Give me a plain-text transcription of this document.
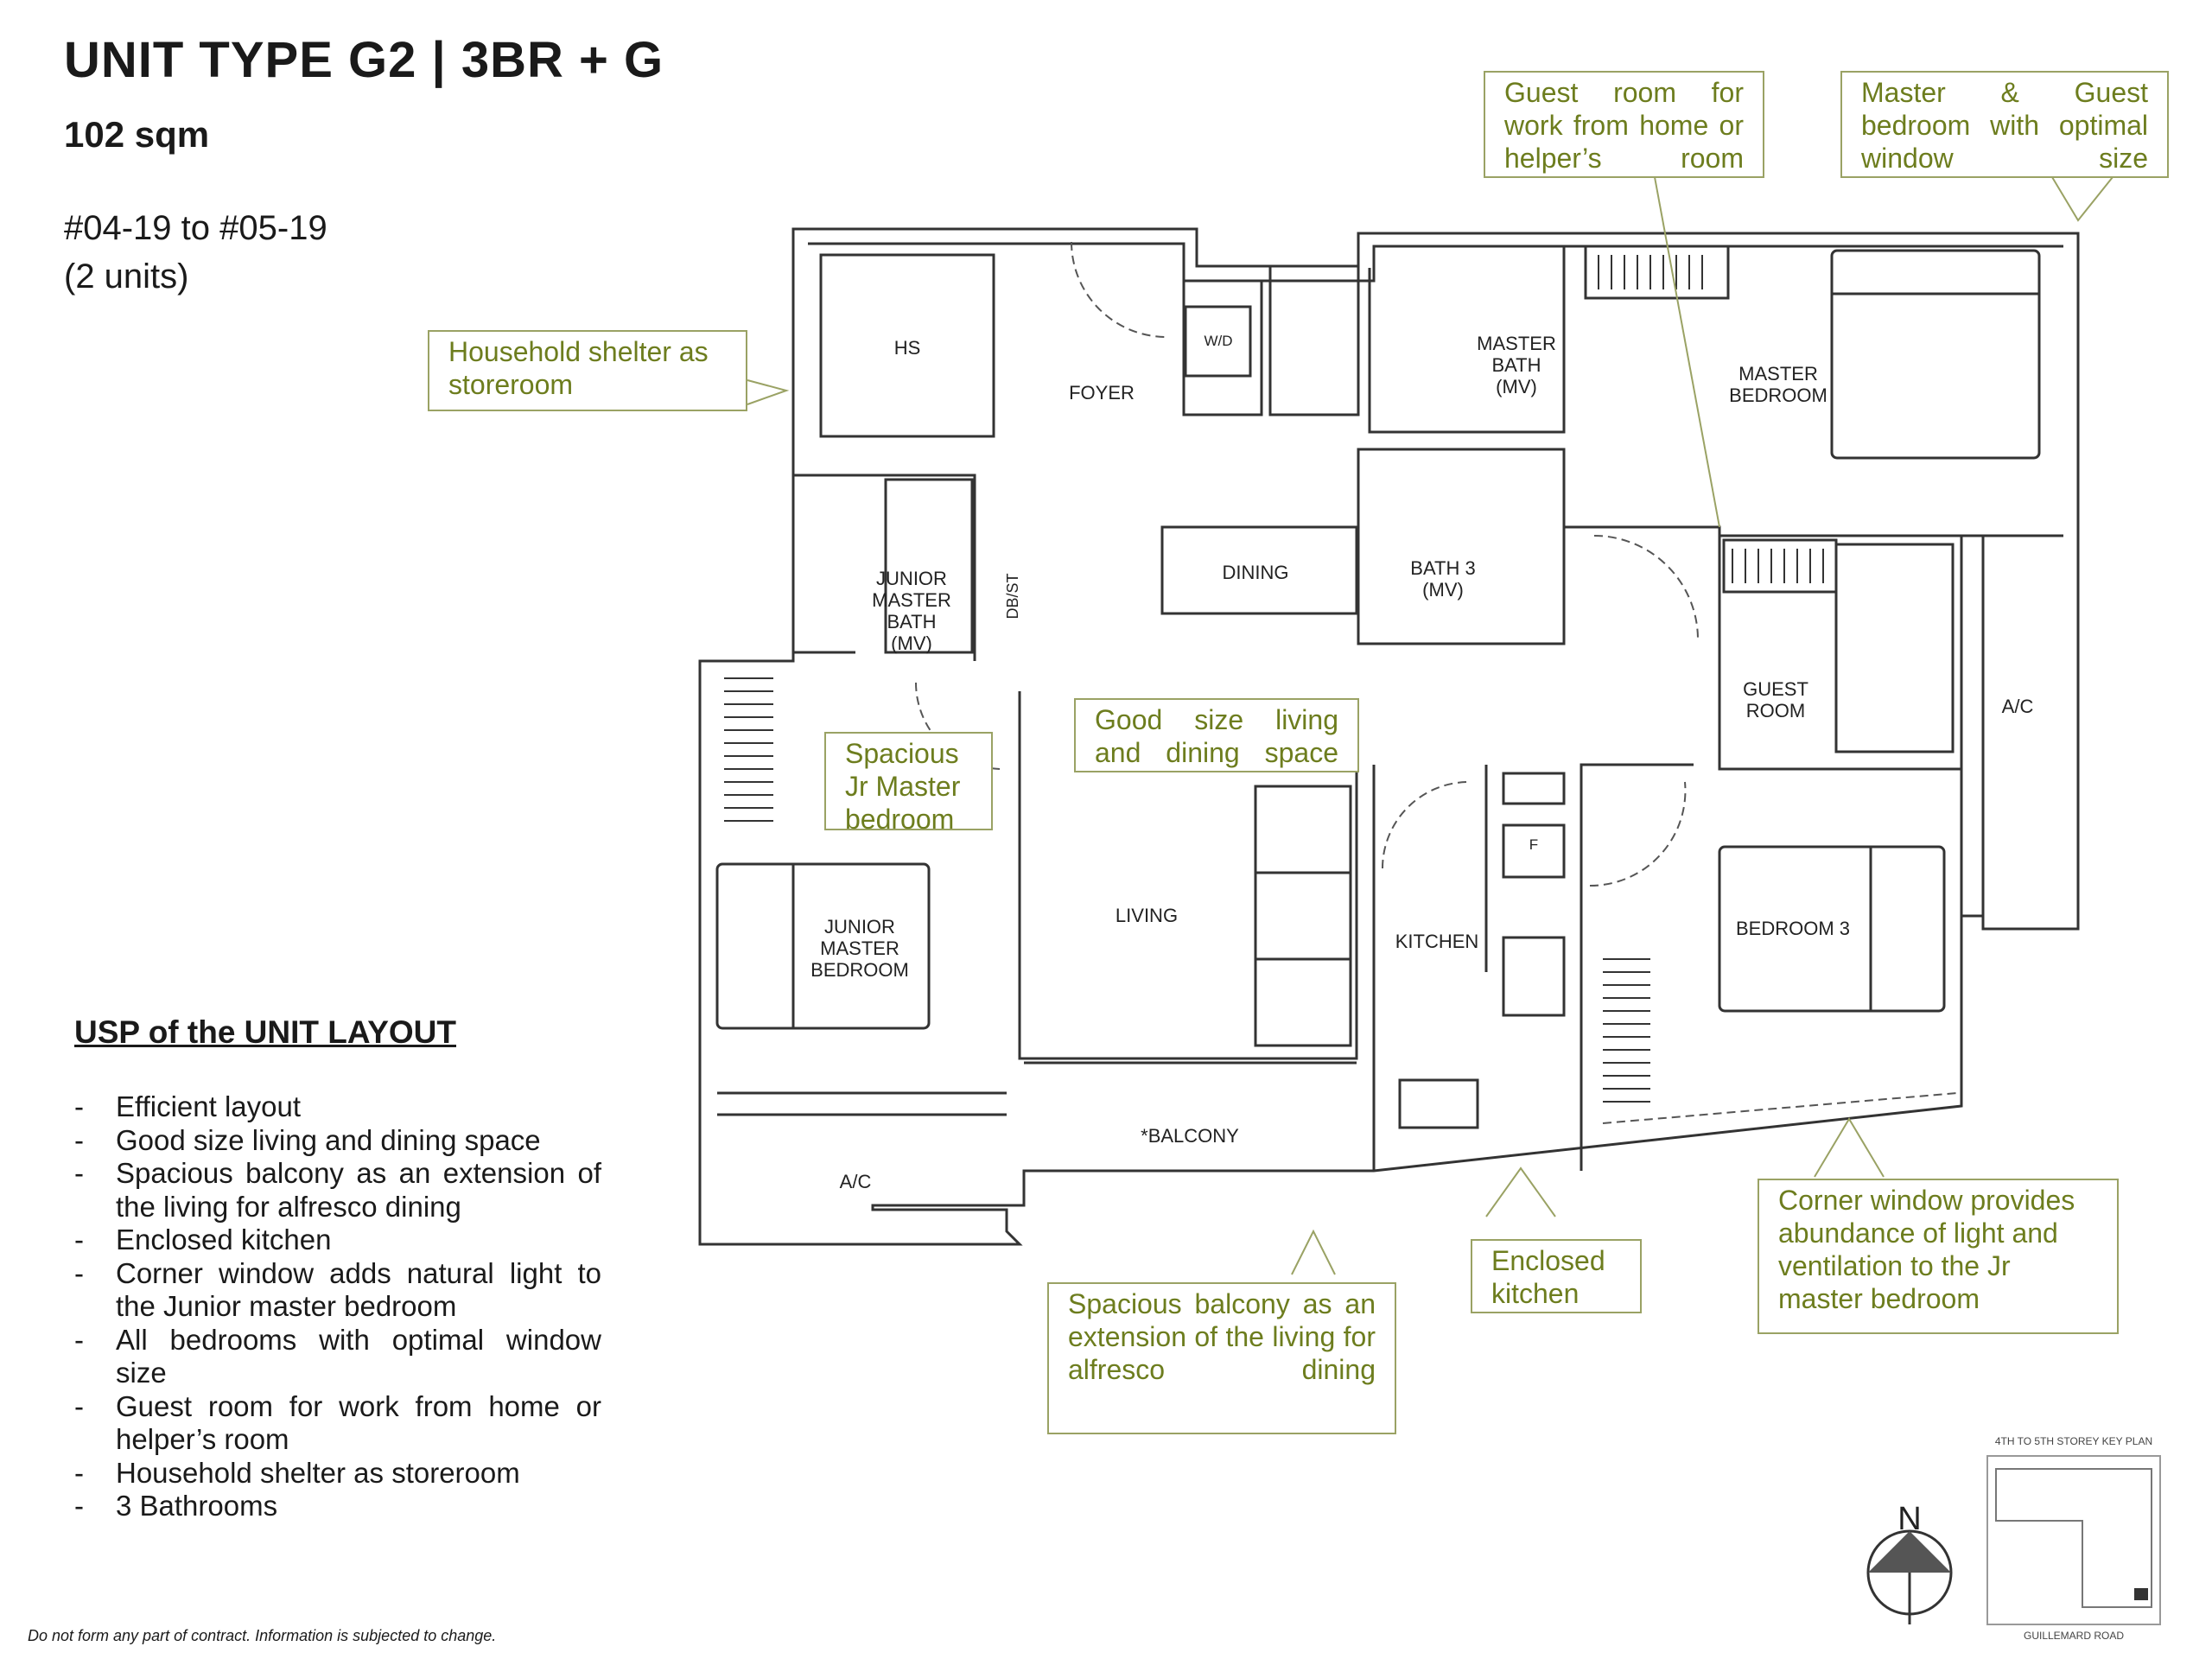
UNIT TYPE G2 | 3BR + G
102 sqm
#04-19 to #05-19
(2 units)
USP of the UNIT LAYOUT
- Efficient layout
- Good size living and dining space
- Spacious balcony as an extension of the living for alfresco dining
- Enclosed kitchen
- Corner window adds natural light to the Junior master bedroom
- All bedrooms with optimal window size
- Guest room for work from home or helper’s room
- Household shelter as storeroom
- 3 Bathrooms
Do not form any part of contract. Information is subjected to change.
HS	W/D
FOYER
MASTER
BATH
(MV)
MASTER
BEDROOM
DINING	BATH 3
(MV)
JUNIOR
MASTER
BATH
(MV)
DB/ST
GUEST
ROOM	A/C
KITCHEN
F
BEDROOM 3
LIVING
JUNIOR
MASTER
BEDROOM
*BALCONY
A/C
N
4TH TO 5TH STOREY KEY PLAN
GUILLEMARD ROAD
Household shelter as storeroom
Guest room for work from home or helper’s room
Master & Guest bedroom with optimal window size
Spacious Jr Master bedroom
Good size living and dining space
Spacious balcony as an extension of the living for alfresco dining
Enclosed kitchen
Corner window provides abundance of light and ventilation to the Jr master bedroom
